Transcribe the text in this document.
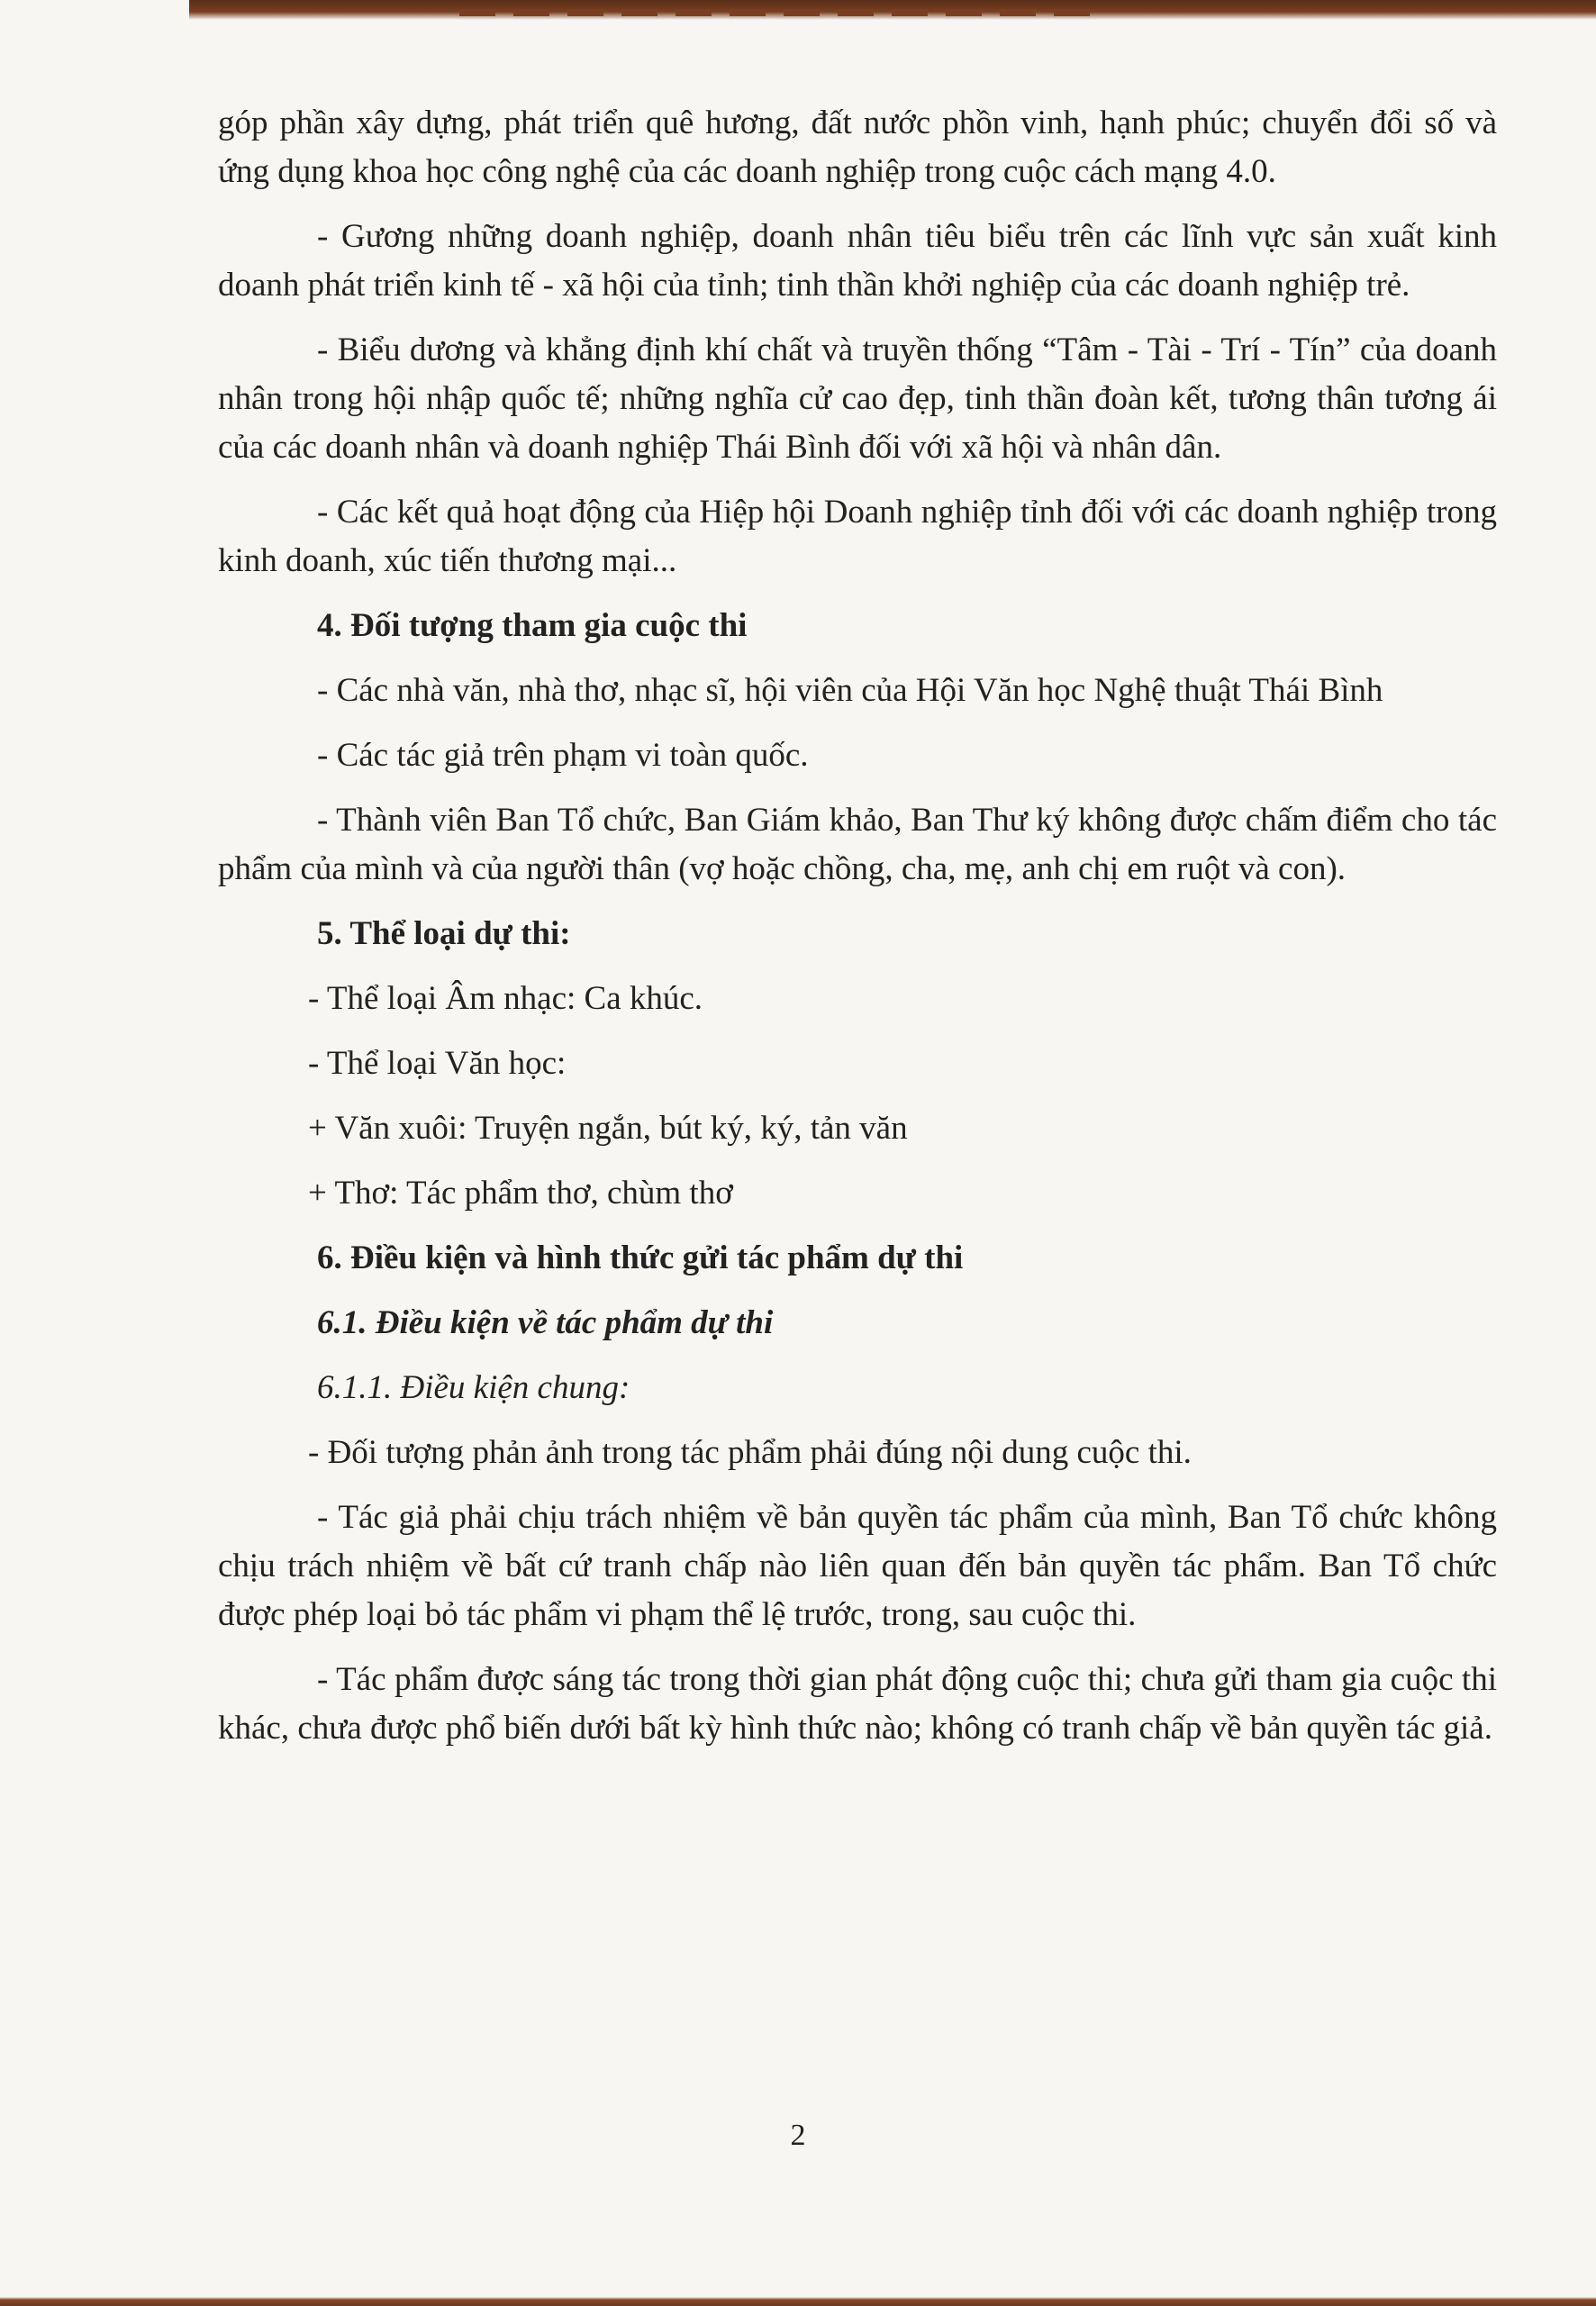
góp phần xây dựng, phát triển quê hương, đất nước phồn vinh, hạnh phúc; chuyển đổi số và ứng dụng khoa học công nghệ của các doanh nghiệp trong cuộc cách mạng 4.0.

- Gương những doanh nghiệp, doanh nhân tiêu biểu trên các lĩnh vực sản xuất kinh doanh phát triển kinh tế - xã hội của tỉnh; tinh thần khởi nghiệp của các doanh nghiệp trẻ.

- Biểu dương và khẳng định khí chất và truyền thống “Tâm - Tài - Trí - Tín” của doanh nhân trong hội nhập quốc tế; những nghĩa cử cao đẹp, tinh thần đoàn kết, tương thân tương ái của các doanh nhân và doanh nghiệp Thái Bình đối với xã hội và nhân dân.

- Các kết quả hoạt động của Hiệp hội Doanh nghiệp tỉnh đối với các doanh nghiệp trong kinh doanh, xúc tiến thương mại...

4. Đối tượng tham gia cuộc thi

- Các nhà văn, nhà thơ, nhạc sĩ, hội viên của Hội Văn học Nghệ thuật Thái Bình

- Các tác giả trên phạm vi toàn quốc.

- Thành viên Ban Tổ chức, Ban Giám khảo, Ban Thư ký không được chấm điểm cho tác phẩm của mình và của người thân (vợ hoặc chồng, cha, mẹ, anh chị em ruột và con).

5. Thể loại dự thi:

- Thể loại Âm nhạc: Ca khúc.

- Thể loại Văn học:

+ Văn xuôi: Truyện ngắn, bút ký, ký, tản văn

+ Thơ: Tác phẩm thơ, chùm thơ

6. Điều kiện và hình thức gửi tác phẩm dự thi

6.1. Điều kiện về tác phẩm dự thi

6.1.1. Điều kiện chung:

- Đối tượng phản ảnh trong tác phẩm phải đúng nội dung cuộc thi.

- Tác giả phải chịu trách nhiệm về bản quyền tác phẩm của mình, Ban Tổ chức không chịu trách nhiệm về bất cứ tranh chấp nào liên quan đến bản quyền tác phẩm. Ban Tổ chức được phép loại bỏ tác phẩm vi phạm thể lệ trước, trong, sau cuộc thi.

- Tác phẩm được sáng tác trong thời gian phát động cuộc thi; chưa gửi tham gia cuộc thi khác, chưa được phổ biến dưới bất kỳ hình thức nào; không có tranh chấp về bản quyền tác giả.

2
